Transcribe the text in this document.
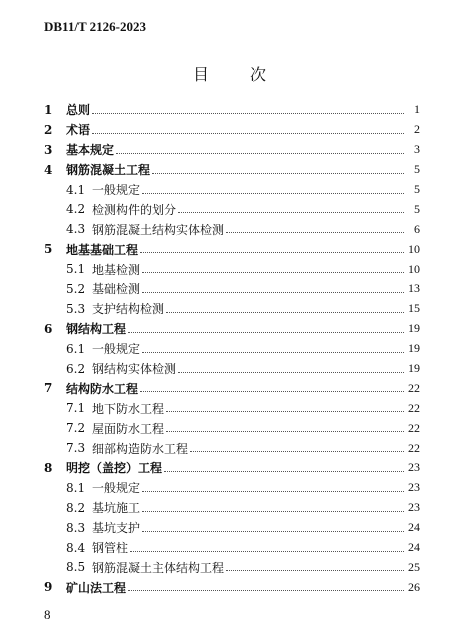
DB11/T 2126-2023
目 次
1	总则	1
2	术语	2
3	基本规定	3
4	钢筋混凝土工程	5
4.1 一般规定	5
4.2 检测构件的划分	5
4.3 钢筋混凝土结构实体检测	6
5	地基基础工程	10
5.1 地基检测	10
5.2 基础检测	13
5.3 支护结构检测	15
6	钢结构工程	19
6.1 一般规定	19
6.2 钢结构实体检测	19
7	结构防水工程	22
7.1 地下防水工程	22
7.2 屋面防水工程	22
7.3 细部构造防水工程	22
8	明挖（盖挖）工程	23
8.1 一般规定	23
8.2 基坑施工	23
8.3 基坑支护	24
8.4 钢管柱	24
8.5 钢筋混凝土主体结构工程	25
9	矿山法工程	26
8
